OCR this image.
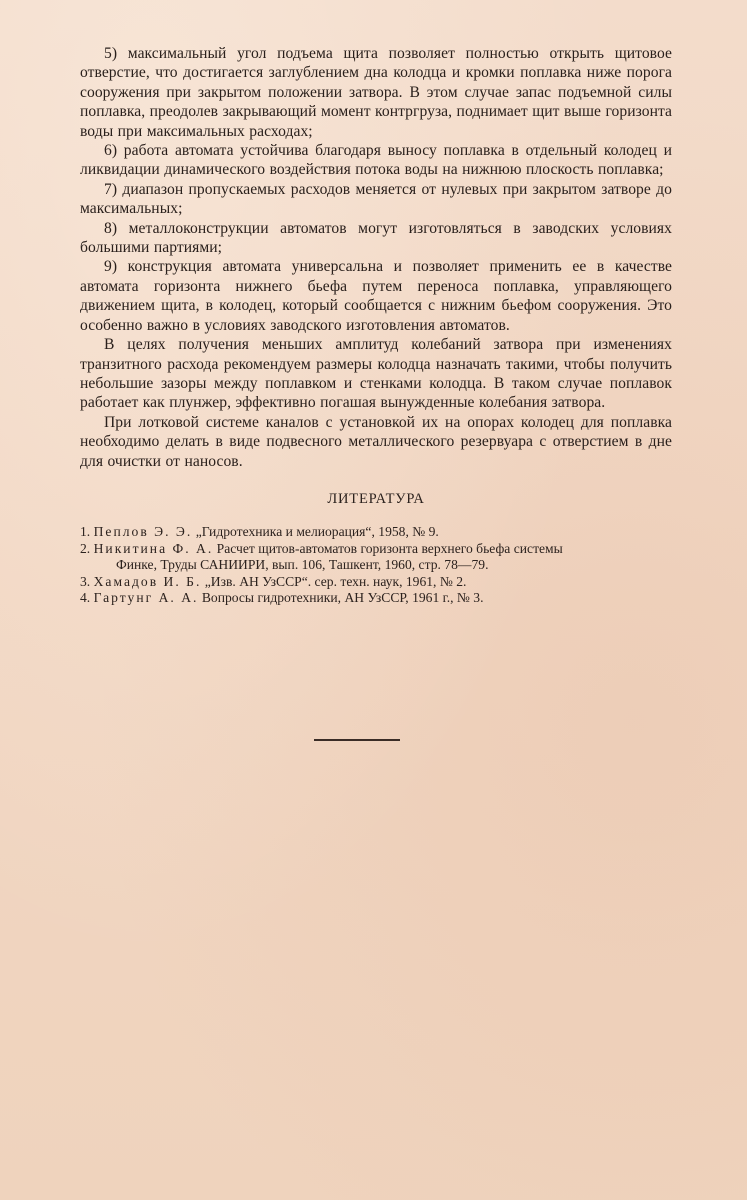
5) максимальный угол подъема щита позволяет полностью открыть щитовое отверстие, что достигается заглублением дна колодца и кромки поплавка ниже порога сооружения при закрытом положении затвора. В этом случае запас подъемной силы поплавка, преодолев закрывающий момент контргруза, поднимает щит выше горизонта воды при максимальных расходах;

6) работа автомата устойчива благодаря выносу поплавка в отдельный колодец и ликвидации динамического воздействия потока воды на нижнюю плоскость поплавка;

7) диапазон пропускаемых расходов меняется от нулевых при закрытом затворе до максимальных;

8) металлоконструкции автоматов могут изготовляться в заводских условиях большими партиями;

9) конструкция автомата универсальна и позволяет применить ее в качестве автомата горизонта нижнего бьефа путем переноса поплавка, управляющего движением щита, в колодец, который сообщается с нижним бьефом сооружения. Это особенно важно в условиях заводского изготовления автоматов.

В целях получения меньших амплитуд колебаний затвора при изменениях транзитного расхода рекомендуем размеры колодца назначать такими, чтобы получить небольшие зазоры между поплавком и стенками колодца. В таком случае поплавок работает как плунжер, эффективно погашая вынужденные колебания затвора.

При лотковой системе каналов с установкой их на опорах колодец для поплавка необходимо делать в виде подвесного металлического резервуара с отверстием в дне для очистки от наносов.

ЛИТЕРАТУРА
1. Пеплов Э. Э. „Гидротехника и мелиорация“, 1958, № 9.
2. Никитина Ф. А. Расчет щитов-автоматов горизонта верхнего бьефа системы
Финке, Труды САНИИРИ, вып. 106, Ташкент, 1960, стр. 78—79.
3. Хамадов И. Б. „Изв. АН УзССР“. сер. техн. наук, 1961, № 2.
4. Гартунг А. А. Вопросы гидротехники, АН УзССР, 1961 г., № 3.
